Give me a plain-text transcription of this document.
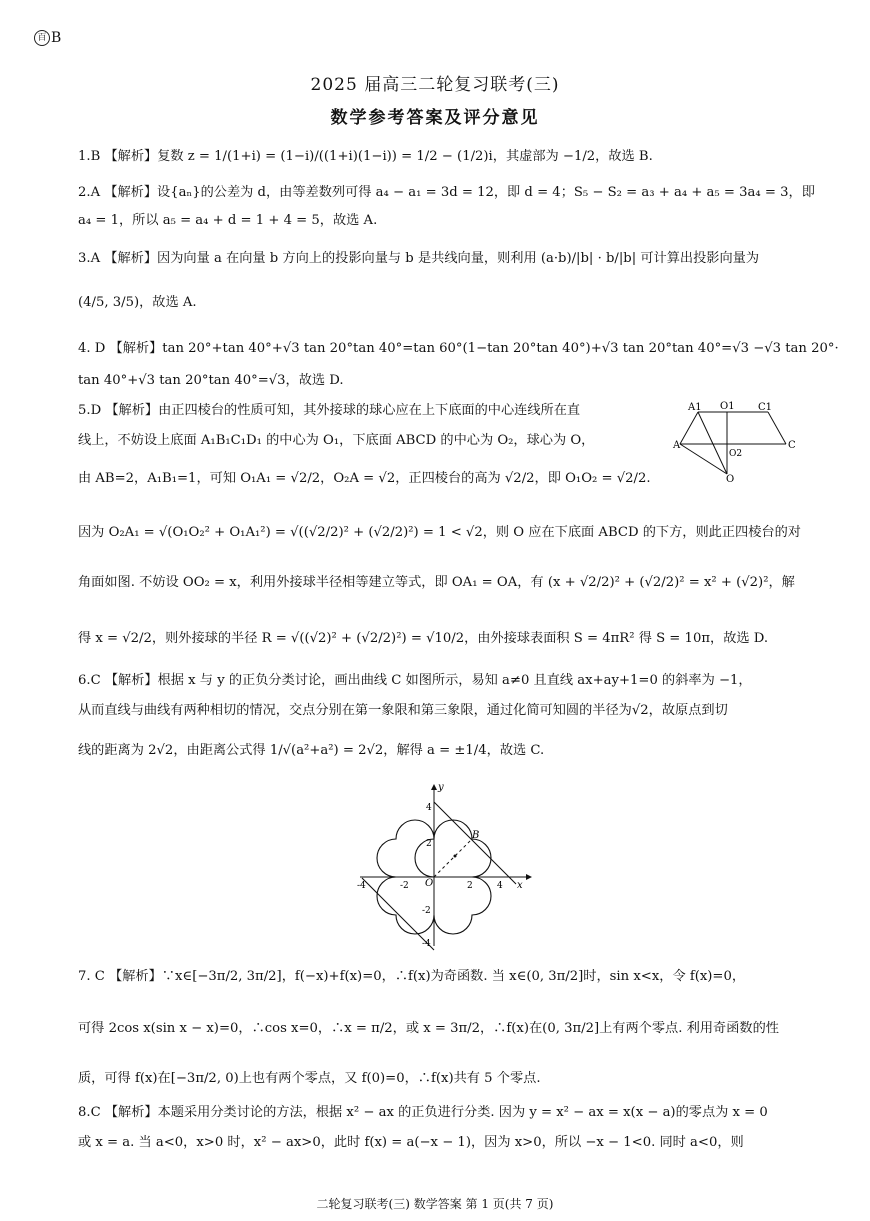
百 B
2025 届高三二轮复习联考(三)
数学参考答案及评分意见
1.B 【解析】复数 z = 1/(1+i) = (1−i)/((1+i)(1−i)) = 1/2 − (1/2)i，其虚部为 −1/2，故选 B.
2.A 【解析】设{aₙ}的公差为 d，由等差数列可得 a₄ − a₁ = 3d = 12，即 d = 4；S₅ − S₂ = a₃ + a₄ + a₅ = 3a₄ = 3，即
a₄ = 1，所以 a₅ = a₄ + d = 1 + 4 = 5，故选 A.
3.A 【解析】因为向量 a 在向量 b 方向上的投影向量与 b 是共线向量，则利用 (a·b)/|b| · b/|b| 可计算出投影向量为
(4/5, 3/5)，故选 A.
4. D 【解析】tan 20°+tan 40°+√3 tan 20°tan 40°=tan 60°(1−tan 20°tan 40°)+√3 tan 20°tan 40°=√3 −√3 tan 20°·
tan 40°+√3 tan 20°tan 40°=√3，故选 D.
5.D 【解析】由正四棱台的性质可知，其外接球的球心应在上下底面的中心连线所在直
线上，不妨设上底面 A₁B₁C₁D₁ 的中心为 O₁，下底面 ABCD 的中心为 O₂，球心为 O，
由 AB=2，A₁B₁=1，可知 O₁A₁ = √2/2，O₂A = √2，正四棱台的高为 √2/2，即 O₁O₂ = √2/2.
因为 O₂A₁ = √(O₁O₂² + O₁A₁²) = √((√2/2)² + (√2/2)²) = 1 < √2，则 O 应在下底面 ABCD 的下方，则此正四棱台的对
角面如图. 不妨设 OO₂ = x，利用外接球半径相等建立等式，即 OA₁ = OA，有 (x + √2/2)² + (√2/2)² = x² + (√2)²，解
得 x = √2/2，则外接球的半径 R = √((√2)² + (√2/2)²) = √10/2，由外接球表面积 S = 4πR² 得 S = 10π，故选 D.
6.C 【解析】根据 x 与 y 的正负分类讨论，画出曲线 C 如图所示，易知 a≠0 且直线 ax+ay+1=0 的斜率为 −1，
从而直线与曲线有两种相切的情况，交点分别在第一象限和第三象限，通过化简可知圆的半径为√2，故原点到切
线的距离为 2√2，由距离公式得 1/√(a²+a²) = 2√2，解得 a = ±1/4，故选 C.
A1 O1 C1
A
O2
C
O
y
x
O
B
4
2
-2
-4
-4	-2	2	4
7. C 【解析】∵x∈[−3π/2, 3π/2]，f(−x)+f(x)=0，∴f(x)为奇函数. 当 x∈(0, 3π/2]时，sin x<x，令 f(x)=0，
可得 2cos x(sin x − x)=0，∴cos x=0，∴x = π/2，或 x = 3π/2，∴f(x)在(0, 3π/2]上有两个零点. 利用奇函数的性
质，可得 f(x)在[−3π/2, 0)上也有两个零点，又 f(0)=0，∴f(x)共有 5 个零点.
8.C 【解析】本题采用分类讨论的方法，根据 x² − ax 的正负进行分类. 因为 y = x² − ax = x(x − a)的零点为 x = 0
或 x = a. 当 a<0，x>0 时，x² − ax>0，此时 f(x) = a(−x − 1)，因为 x>0，所以 −x − 1<0. 同时 a<0，则
二轮复习联考(三) 数学答案 第 1 页(共 7 页)
